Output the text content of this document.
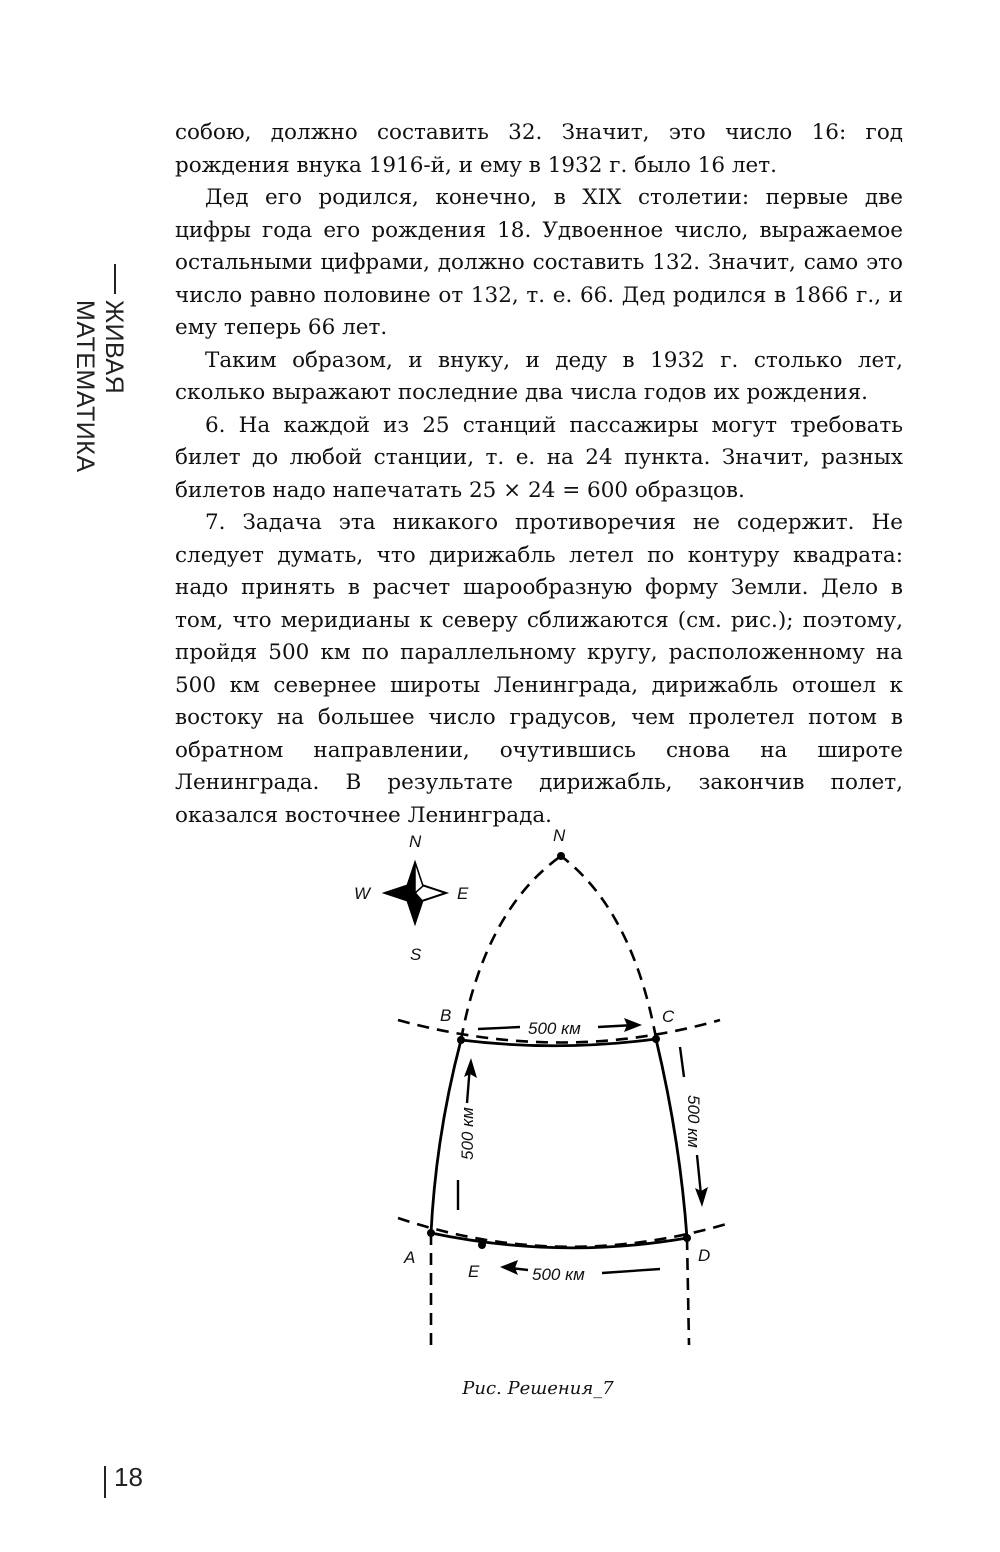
ЖИВАЯ МАТЕМАТИКА

собою, должно составить 32. Значит, это число 16: год рождения внука 1916-й, и ему в 1932 г. было 16 лет.

Дед его родился, конечно, в XIX столетии: первые две цифры года его рождения 18. Удвоенное число, выражаемое остальными цифрами, должно составить 132. Значит, само это число равно половине от 132, т. е. 66. Дед родился в 1866 г., и ему теперь 66 лет.

Таким образом, и внуку, и деду в 1932 г. столько лет, сколько выражают последние два числа годов их рождения.

6. На каждой из 25 станций пассажиры могут требовать билет до любой станции, т. е. на 24 пункта. Значит, разных билетов надо напечатать 25 × 24 = 600 образцов.

7. Задача эта никакого противоречия не содержит. Не следует думать, что дирижабль летел по контуру квадрата: надо принять в расчет шарообразную форму Земли. Дело в том, что меридианы к северу сближаются (см. рис.); поэтому, пройдя 500 км по параллельному кругу, расположенному на 500 км севернее широты Ленинграда, дирижабль отошел к востоку на большее число градусов, чем пролетел потом в обратном направлении, очутившись снова на широте Ленинграда. В результате дирижабль, закончив полет, оказался восточнее Ленинграда.

N
S
W	E
N
B	C
A	D
E
500 км
500 км	500 км
500 км
Рис. Решения_7
18
